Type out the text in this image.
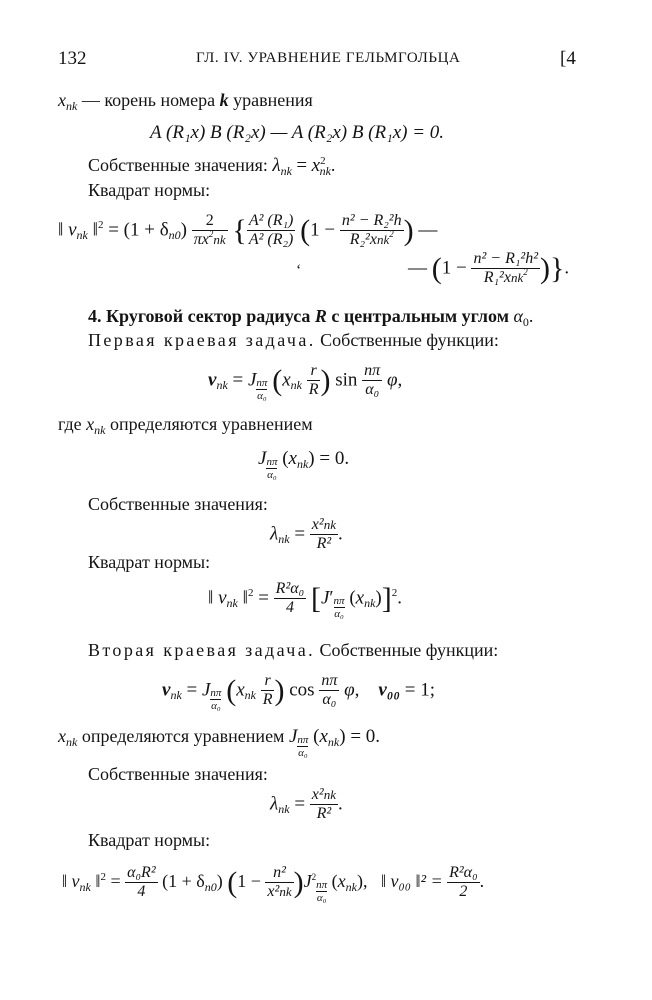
132	ГЛ. IV. УРАВНЕНИЕ ГЕЛЬМГОЛЬЦА	[4
$x_{nk}$ — корень номера k уравнения
A (R₁x) B (R₂x) — A (R₂x) B (R₁x) = 0.
Собственные значения: $\lambda_{nk} = x^2_{nk}$.
Квадрат нормы:
‖ $v_{nk}$ ‖$^2$ = $(1 + \delta_{n0}) \frac{2}{\pi x^2nk}$ { $\frac{\text{A² (R₁)}}{\text{A² (R₂)}} (1 - \frac{\text{n² − R₂²h}}{R_2^2xnk^2}$ ) —
ʻ	— ($1 - \frac{\text{n² − R₁²h²}}{R_1^2xnk^2}$ )}.
4. Круговой сектор радиуса R с центральным углом $\alpha_0$.
Первая краевая задача. Собственные функции:
$v_{nk} = J \frac{n\pi}{\text{α₀}} (x_{nk} \frac{r}{R}$ ) $\sin \frac{n\pi}{\text{α₀}} \varphi$,
где $x_{nk}$ определяются уравнением
J $\frac{n\pi}{\text{α₀}} (x_{nk}) = 0$.
Собственные значения:
$\lambda_{nk} = \frac{\text{x²nk}}{\text{R²}}$ .
Квадрат нормы:
‖ $v_{nk}$ ‖$^2$ = $\frac{\text{R²α₀}}{4} [J' \frac{n\pi}{\text{α₀}} (x_{nk})]^2$.
Вторая краевая задача. Собственные функции:
$v_{nk} = J \frac{n\pi}{\text{α₀}} (x_{nk} \frac{r}{R}$ ) $\cos \frac{n\pi}{\text{α₀}} \varphi$,    v₀₀ = 1;
$x_{nk}$ определяются уравнением J $\frac{n\pi}{\text{α₀}} (x_{nk}) = 0$.
Собственные значения:
$\lambda_{nk} = \frac{\text{x²nk}}{\text{R²}}$ .
Квадрат нормы:
‖ $v_{nk}$ ‖$^2$ = $\frac{\text{α₀R²}}{4} (1 + \delta_{n0}) (1 - \frac{\text{n²}}{\text{x²nk}} )J^2$
$\frac{n\pi}{\text{α₀}} (x_{nk})$,   ‖ v₀₀ ‖² = $\frac{\text{R²α₀}}{2}$ .
